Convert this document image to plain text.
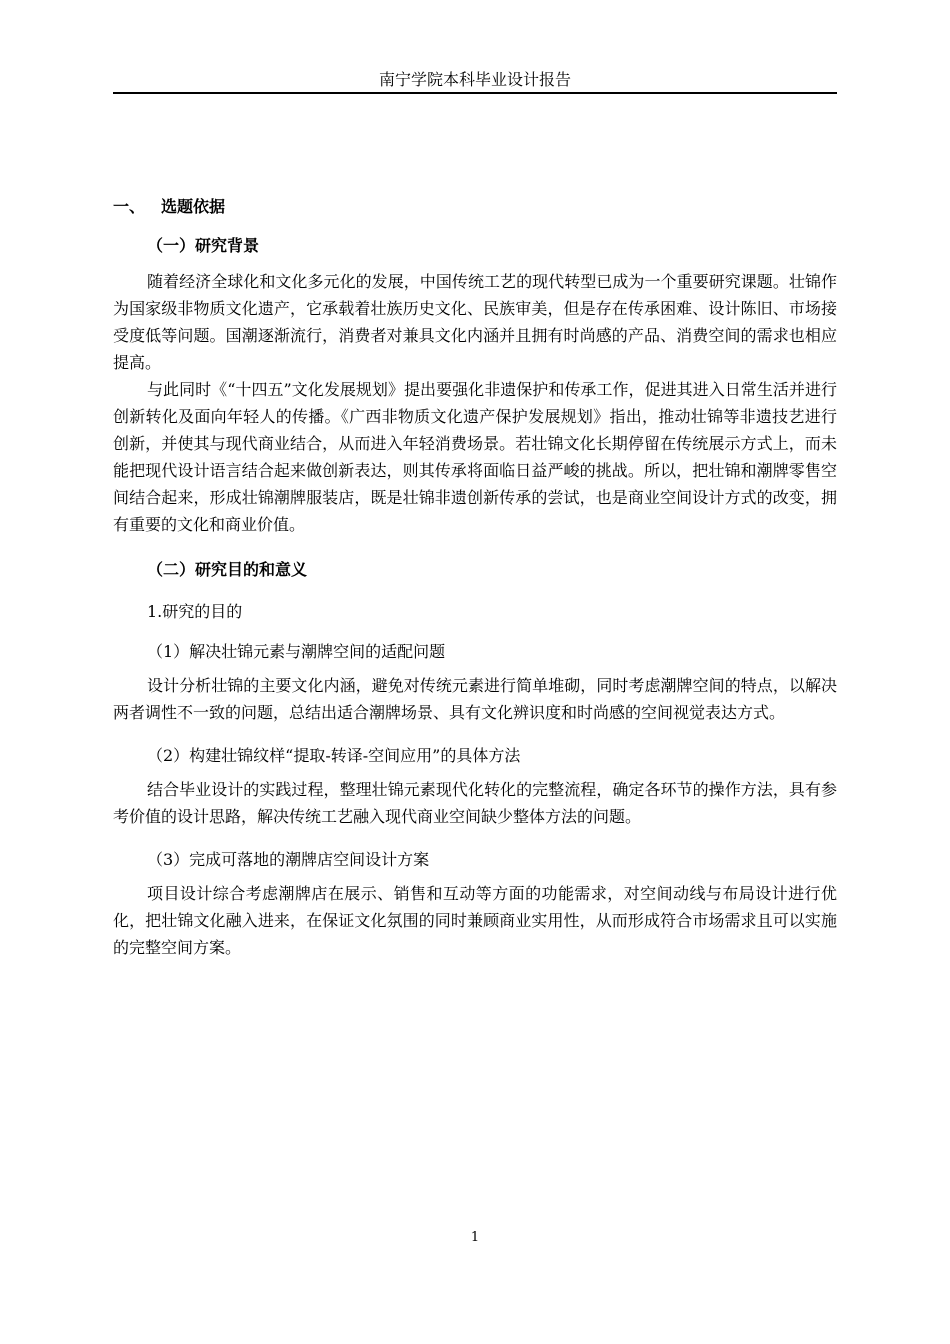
南宁学院本科毕业设计报告
一、 选题依据
（一）研究背景

随着经济全球化和文化多元化的发展，中国传统工艺的现代转型已成为一个重要研究课题。壮锦作为国家级非物质文化遗产，它承载着壮族历史文化、民族审美，但是存在传承困难、设计陈旧、市场接受度低等问题。国潮逐渐流行，消费者对兼具文化内涵并且拥有时尚感的产品、消费空间的需求也相应提高。

与此同时《“十四五”文化发展规划》提出要强化非遗保护和传承工作，促进其进入日常生活并进行创新转化及面向年轻人的传播。《广西非物质文化遗产保护发展规划》指出，推动壮锦等非遗技艺进行创新，并使其与现代商业结合，从而进入年轻消费场景。若壮锦文化长期停留在传统展示方式上，而未能把现代设计语言结合起来做创新表达，则其传承将面临日益严峻的挑战。所以，把壮锦和潮牌零售空间结合起来，形成壮锦潮牌服装店，既是壮锦非遗创新传承的尝试，也是商业空间设计方式的改变，拥有重要的文化和商业价值。

（二）研究目的和意义
1.研究的目的
（1）解决壮锦元素与潮牌空间的适配问题

设计分析壮锦的主要文化内涵，避免对传统元素进行简单堆砌，同时考虑潮牌空间的特点，以解决两者调性不一致的问题，总结出适合潮牌场景、具有文化辨识度和时尚感的空间视觉表达方式。

（2）构建壮锦纹样“提取-转译-空间应用”的具体方法

结合毕业设计的实践过程，整理壮锦元素现代化转化的完整流程，确定各环节的操作方法，具有参考价值的设计思路，解决传统工艺融入现代商业空间缺少整体方法的问题。

（3）完成可落地的潮牌店空间设计方案

项目设计综合考虑潮牌店在展示、销售和互动等方面的功能需求，对空间动线与布局设计进行优化，把壮锦文化融入进来，在保证文化氛围的同时兼顾商业实用性，从而形成符合市场需求且可以实施的完整空间方案。

1
